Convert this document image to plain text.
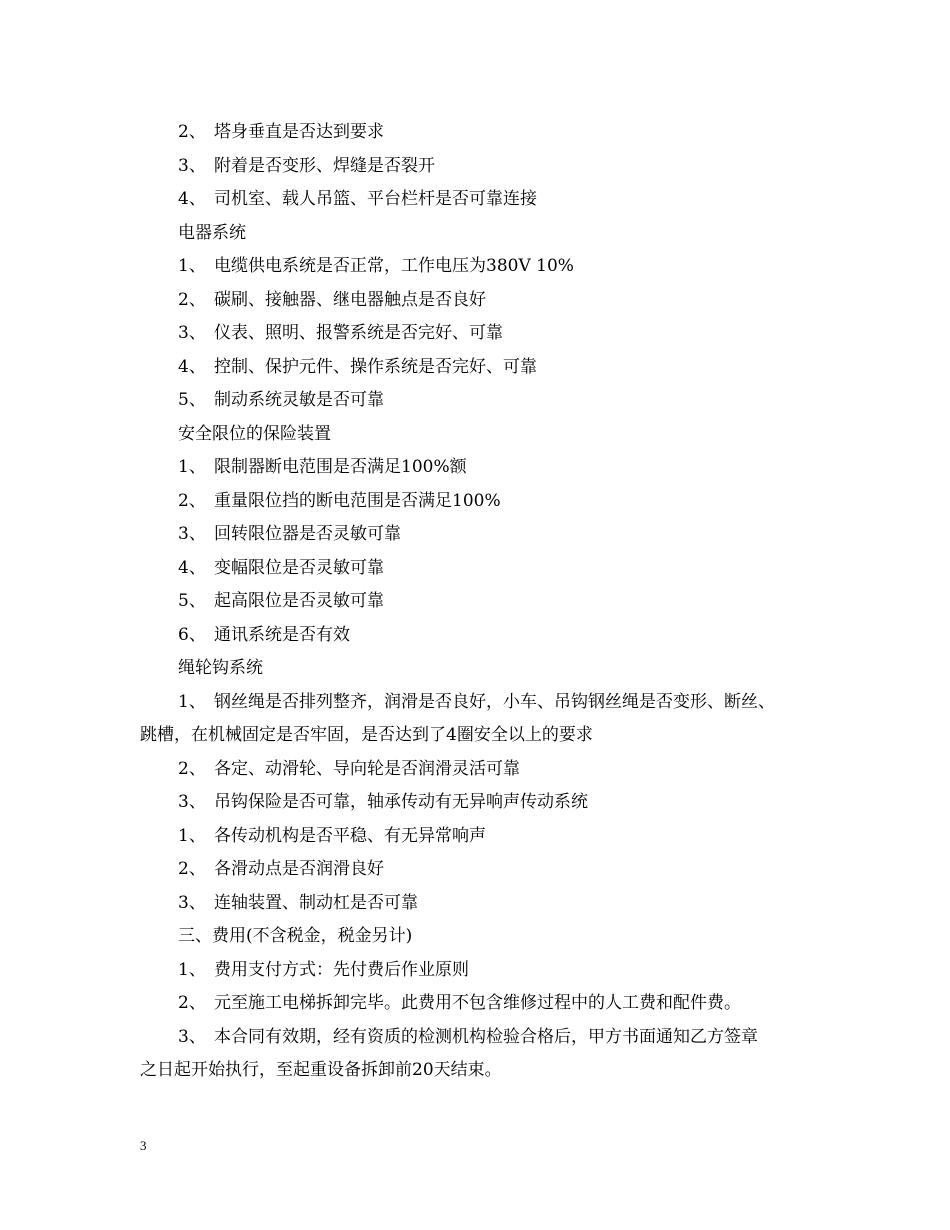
2、 塔身垂直是否达到要求
3、 附着是否变形、焊缝是否裂开
4、 司机室、载人吊篮、平台栏杆是否可靠连接
电器系统
1、 电缆供电系统是否正常，工作电压为380V 10%
2、 碳刷、接触器、继电器触点是否良好
3、 仪表、照明、报警系统是否完好、可靠
4、 控制、保护元件、操作系统是否完好、可靠
5、 制动系统灵敏是否可靠
安全限位的保险装置
1、 限制器断电范围是否满足100%额
2、 重量限位挡的断电范围是否满足100%
3、 回转限位器是否灵敏可靠
4、 变幅限位是否灵敏可靠
5、 起高限位是否灵敏可靠
6、 通讯系统是否有效
绳轮钩系统
1、 钢丝绳是否排列整齐，润滑是否良好，小车、吊钩钢丝绳是否变形、断丝、
跳槽，在机械固定是否牢固，是否达到了4圈安全以上的要求
2、 各定、动滑轮、导向轮是否润滑灵活可靠
3、 吊钩保险是否可靠，轴承传动有无异响声传动系统
1、 各传动机构是否平稳、有无异常响声
2、 各滑动点是否润滑良好
3、 连轴装置、制动杠是否可靠
三、费用(不含税金，税金另计)
1、 费用支付方式：先付费后作业原则
2、 元至施工电梯拆卸完毕。此费用不包含维修过程中的人工费和配件费。
3、 本合同有效期，经有资质的检测机构检验合格后，甲方书面通知乙方签章
之日起开始执行，至起重设备拆卸前20天结束。
3
